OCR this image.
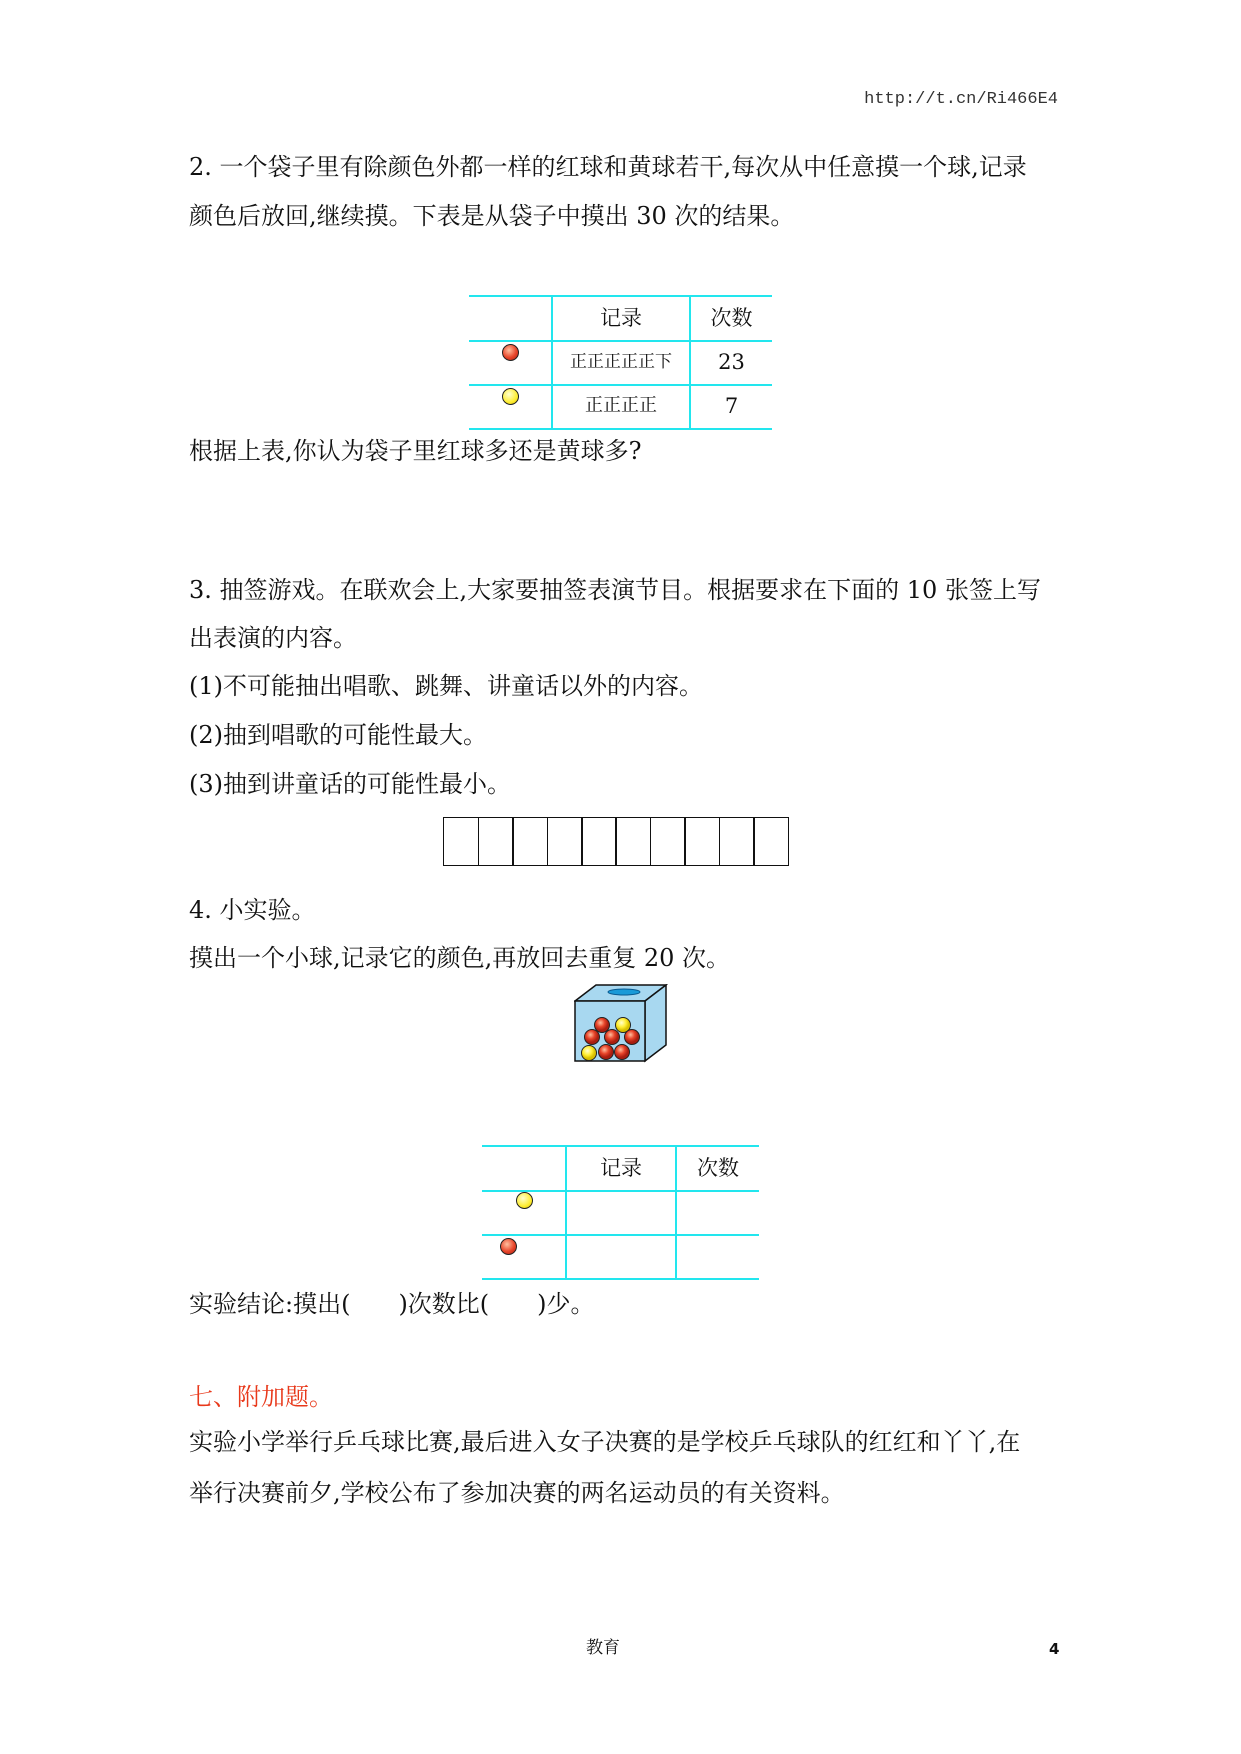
http://t.cn/Ri466E4
2. 一个袋子里有除颜色外都一样的红球和黄球若干,每次从中任意摸一个球,记录
颜色后放回,继续摸。下表是从袋子中摸出 30 次的结果。
记录	次数
正正正正正下	23
正正正正	7
根据上表,你认为袋子里红球多还是黄球多?
3. 抽签游戏。在联欢会上,大家要抽签表演节目。根据要求在下面的 10 张签上写
出表演的内容。
(1)不可能抽出唱歌、跳舞、讲童话以外的内容。
(2)抽到唱歌的可能性最大。
(3)抽到讲童话的可能性最小。
4. 小实验。
摸出一个小球,记录它的颜色,再放回去重复 20 次。
记录	次数
实验结论:摸出(　　)次数比(　　)少。
七、附加题。
实验小学举行乒乓球比赛,最后进入女子决赛的是学校乒乓球队的红红和丫丫,在
举行决赛前夕,学校公布了参加决赛的两名运动员的有关资料。
教育	4
